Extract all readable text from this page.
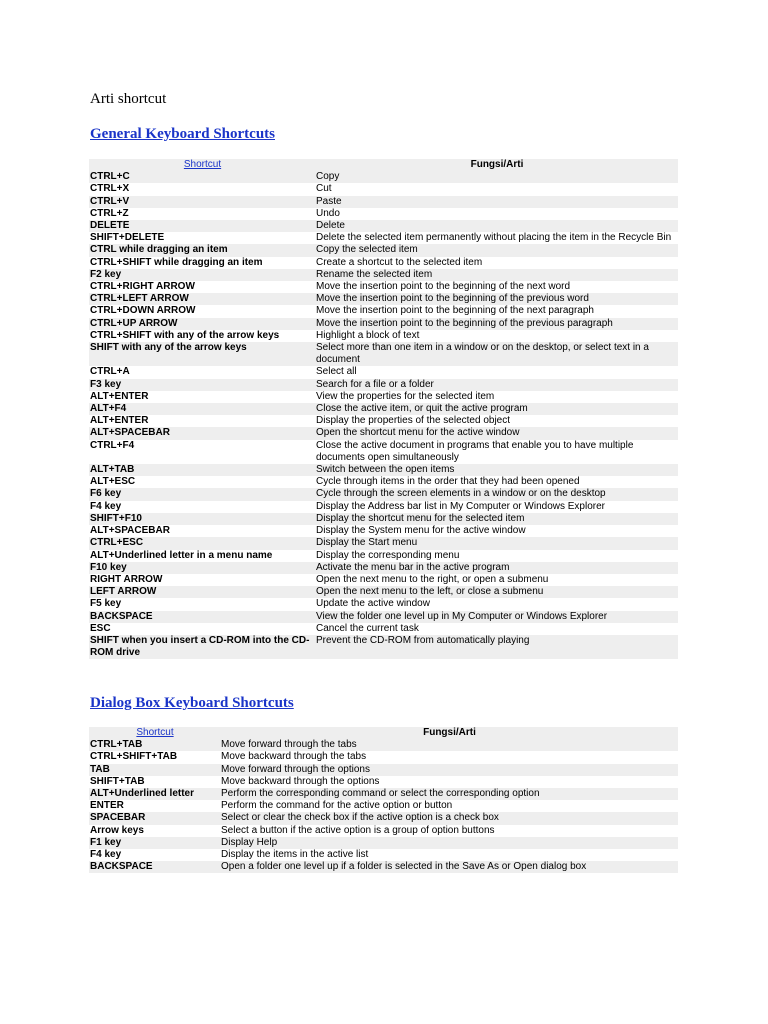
Arti shortcut
General Keyboard Shortcuts
Shortcut	Fungsi/Arti
CTRL+C	Copy
CTRL+X	Cut
CTRL+V	Paste
CTRL+Z	Undo
DELETE	Delete
SHIFT+DELETE	Delete the selected item permanently without placing the item in the Recycle Bin
CTRL while dragging an item	Copy the selected item
CTRL+SHIFT while dragging an item	Create a shortcut to the selected item
F2 key	Rename the selected item
CTRL+RIGHT ARROW	Move the insertion point to the beginning of the next word
CTRL+LEFT ARROW	Move the insertion point to the beginning of the previous word
CTRL+DOWN ARROW	Move the insertion point to the beginning of the next paragraph
CTRL+UP ARROW	Move the insertion point to the beginning of the previous paragraph
CTRL+SHIFT with any of the arrow keys	Highlight a block of text
SHIFT with any of the arrow keys	Select more than one item in a window or on the desktop, or select text in a document
CTRL+A	Select all
F3 key	Search for a file or a folder
ALT+ENTER	View the properties for the selected item
ALT+F4	Close the active item, or quit the active program
ALT+ENTER	Display the properties of the selected object
ALT+SPACEBAR	Open the shortcut menu for the active window
CTRL+F4	Close the active document in programs that enable you to have multiple documents open simultaneously
ALT+TAB	Switch between the open items
ALT+ESC	Cycle through items in the order that they had been opened
F6 key	Cycle through the screen elements in a window or on the desktop
F4 key	Display the Address bar list in My Computer or Windows Explorer
SHIFT+F10	Display the shortcut menu for the selected item
ALT+SPACEBAR	Display the System menu for the active window
CTRL+ESC	Display the Start menu
ALT+Underlined letter in a menu name	Display the corresponding menu
F10 key	Activate the menu bar in the active program
RIGHT ARROW	Open the next menu to the right, or open a submenu
LEFT ARROW	Open the next menu to the left, or close a submenu
F5 key	Update the active window
BACKSPACE	View the folder one level up in My Computer or Windows Explorer
ESC	Cancel the current task
SHIFT when you insert a CD-ROM into the CD-ROM drive	Prevent the CD-ROM from automatically playing
Dialog Box Keyboard Shortcuts
Shortcut	Fungsi/Arti
CTRL+TAB	Move forward through the tabs
CTRL+SHIFT+TAB	Move backward through the tabs
TAB	Move forward through the options
SHIFT+TAB	Move backward through the options
ALT+Underlined letter	Perform the corresponding command or select the corresponding option
ENTER	Perform the command for the active option or button
SPACEBAR	Select or clear the check box if the active option is a check box
Arrow keys	Select a button if the active option is a group of option buttons
F1 key	Display Help
F4 key	Display the items in the active list
BACKSPACE	Open a folder one level up if a folder is selected in the Save As or Open dialog box
